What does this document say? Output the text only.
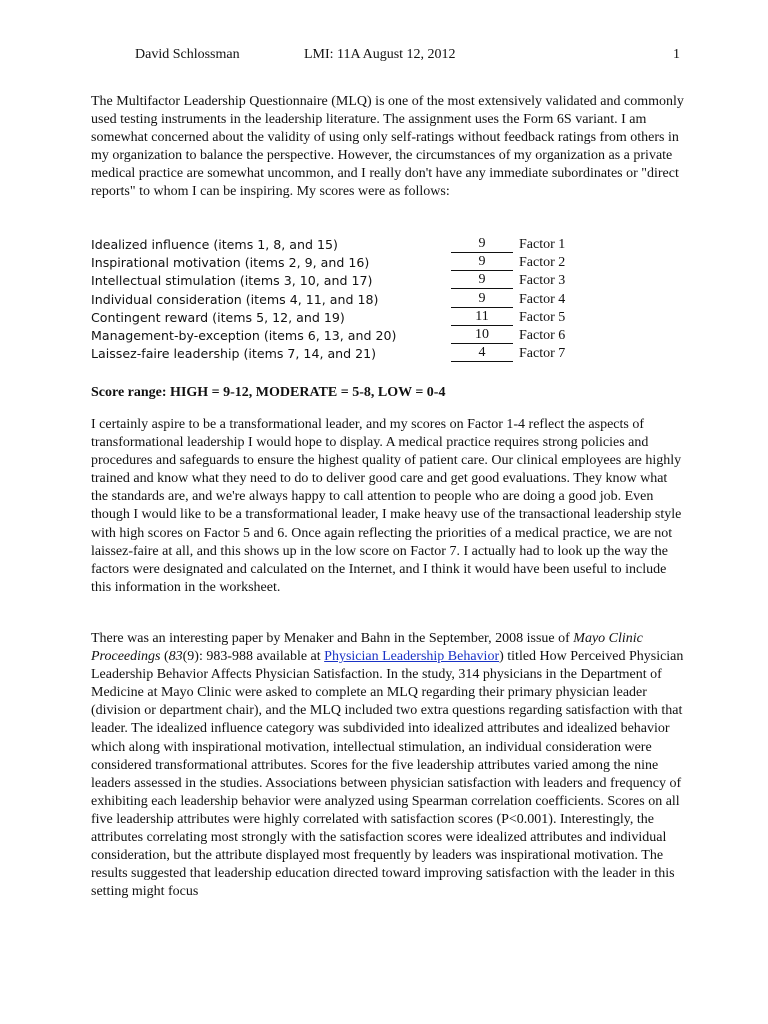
David Schlossman	LMI: 11A August 12, 2012	1

The Multifactor Leadership Questionnaire (MLQ) is one of the most extensively validated and commonly used testing instruments in the leadership literature. The assignment uses the Form 6S variant. I am somewhat concerned about the validity of using only self-ratings without feedback ratings from others in my organization to balance the perspective. However, the circumstances of my organization as a private medical practice are somewhat uncommon, and I really don't have any immediate subordinates or "direct reports" to whom I can be inspiring. My scores were as follows:

Idealized influence (items 1, 8, and 15)	9	Factor 1
Inspirational motivation (items 2, 9, and 16)	9	Factor 2
Intellectual stimulation (items 3, 10, and 17)	9	Factor 3
Individual consideration (items 4, 11, and 18)	9	Factor 4
Contingent reward (items 5, 12, and 19)	11	Factor 5
Management-by-exception (items 6, 13, and 20)	10	Factor 6
Laissez-faire leadership (items 7, 14, and 21)	4	Factor 7

Score range: HIGH = 9-12, MODERATE = 5-8, LOW = 0-4

I certainly aspire to be a transformational leader, and my scores on Factor 1-4 reflect the aspects of transformational leadership I would hope to display. A medical practice requires strong policies and procedures and safeguards to ensure the highest quality of patient care. Our clinical employees are highly trained and know what they need to do to deliver good care and get good evaluations. They know what the standards are, and we're always happy to call attention to people who are doing a good job. Even though I would like to be a transformational leader, I make heavy use of the transactional leadership style with high scores on Factor 5 and 6. Once again reflecting the priorities of a medical practice, we are not laissez-faire at all, and this shows up in the low score on Factor 7. I actually had to look up the way the factors were designated and calculated on the Internet, and I think it would have been useful to include this information in the worksheet.

There was an interesting paper by Menaker and Bahn in the September, 2008 issue of Mayo Clinic Proceedings (83(9): 983-988 available at Physician Leadership Behavior) titled How Perceived Physician Leadership Behavior Affects Physician Satisfaction. In the study, 314 physicians in the Department of Medicine at Mayo Clinic were asked to complete an MLQ regarding their primary physician leader (division or department chair), and the MLQ included two extra questions regarding satisfaction with that leader. The idealized influence category was subdivided into idealized attributes and idealized behavior which along with inspirational motivation, intellectual stimulation, an individual consideration were considered transformational attributes. Scores for the five leadership attributes varied among the nine leaders assessed in the studies. Associations between physician satisfaction with leaders and frequency of exhibiting each leadership behavior were analyzed using Spearman correlation coefficients. Scores on all five leadership attributes were highly correlated with satisfaction scores (P<0.001). Interestingly, the attributes correlating most strongly with the satisfaction scores were idealized attributes and individual consideration, but the attribute displayed most frequently by leaders was inspirational motivation. The results suggested that leadership education directed toward improving satisfaction with the leader in this setting might focus
